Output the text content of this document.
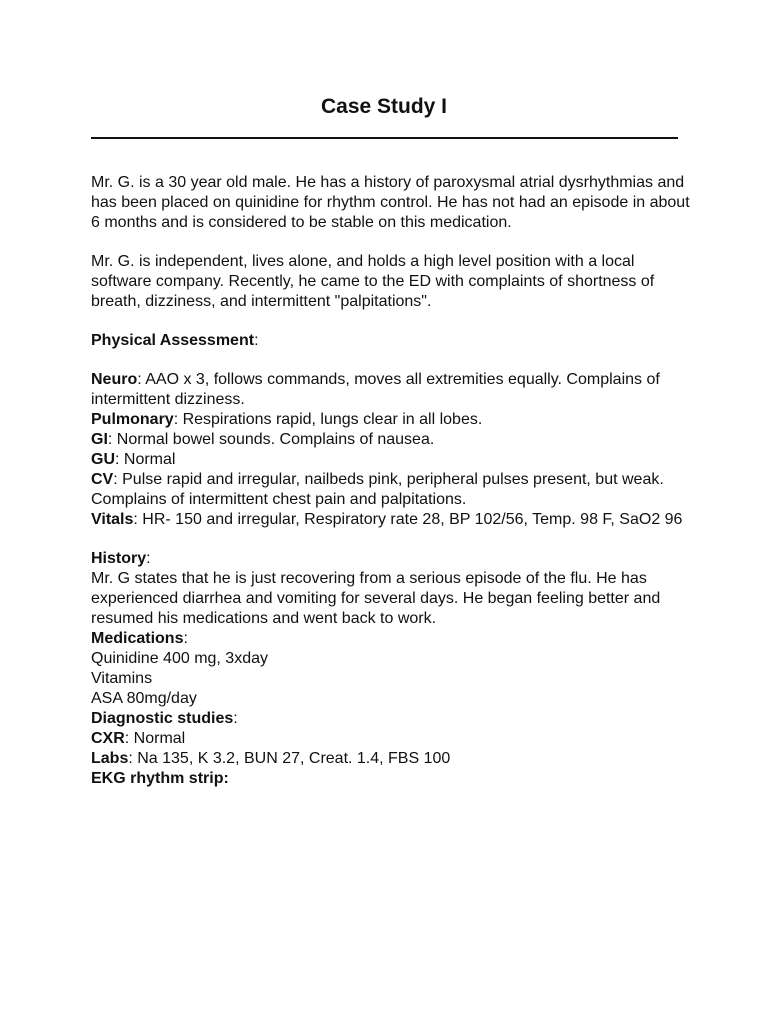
Case Study I

Mr. G. is a 30 year old male. He has a history of paroxysmal atrial dysrhythmias and has been placed on quinidine for rhythm control. He has not had an episode in about 6 months and is considered to be stable on this medication.

Mr. G. is independent, lives alone, and holds a high level position with a local software company. Recently, he came to the ED with complaints of shortness of breath, dizziness, and intermittent "palpitations".

Physical Assessment:

Neuro: AAO x 3, follows commands, moves all extremities equally. Complains of intermittent dizziness.

Pulmonary: Respirations rapid, lungs clear in all lobes.

GI: Normal bowel sounds. Complains of nausea.

GU: Normal

CV: Pulse rapid and irregular, nailbeds pink, peripheral pulses present, but weak. Complains of intermittent chest pain and palpitations.

Vitals: HR- 150 and irregular, Respiratory rate 28, BP 102/56, Temp. 98 F, SaO2 96

History:

Mr. G states that he is just recovering from a serious episode of the flu. He has experienced diarrhea and vomiting for several days. He began feeling better and resumed his medications and went back to work.

Medications:

Quinidine 400 mg, 3xday

Vitamins

ASA 80mg/day

Diagnostic studies:

CXR: Normal

Labs: Na 135, K 3.2, BUN 27, Creat. 1.4, FBS 100

EKG rhythm strip:
